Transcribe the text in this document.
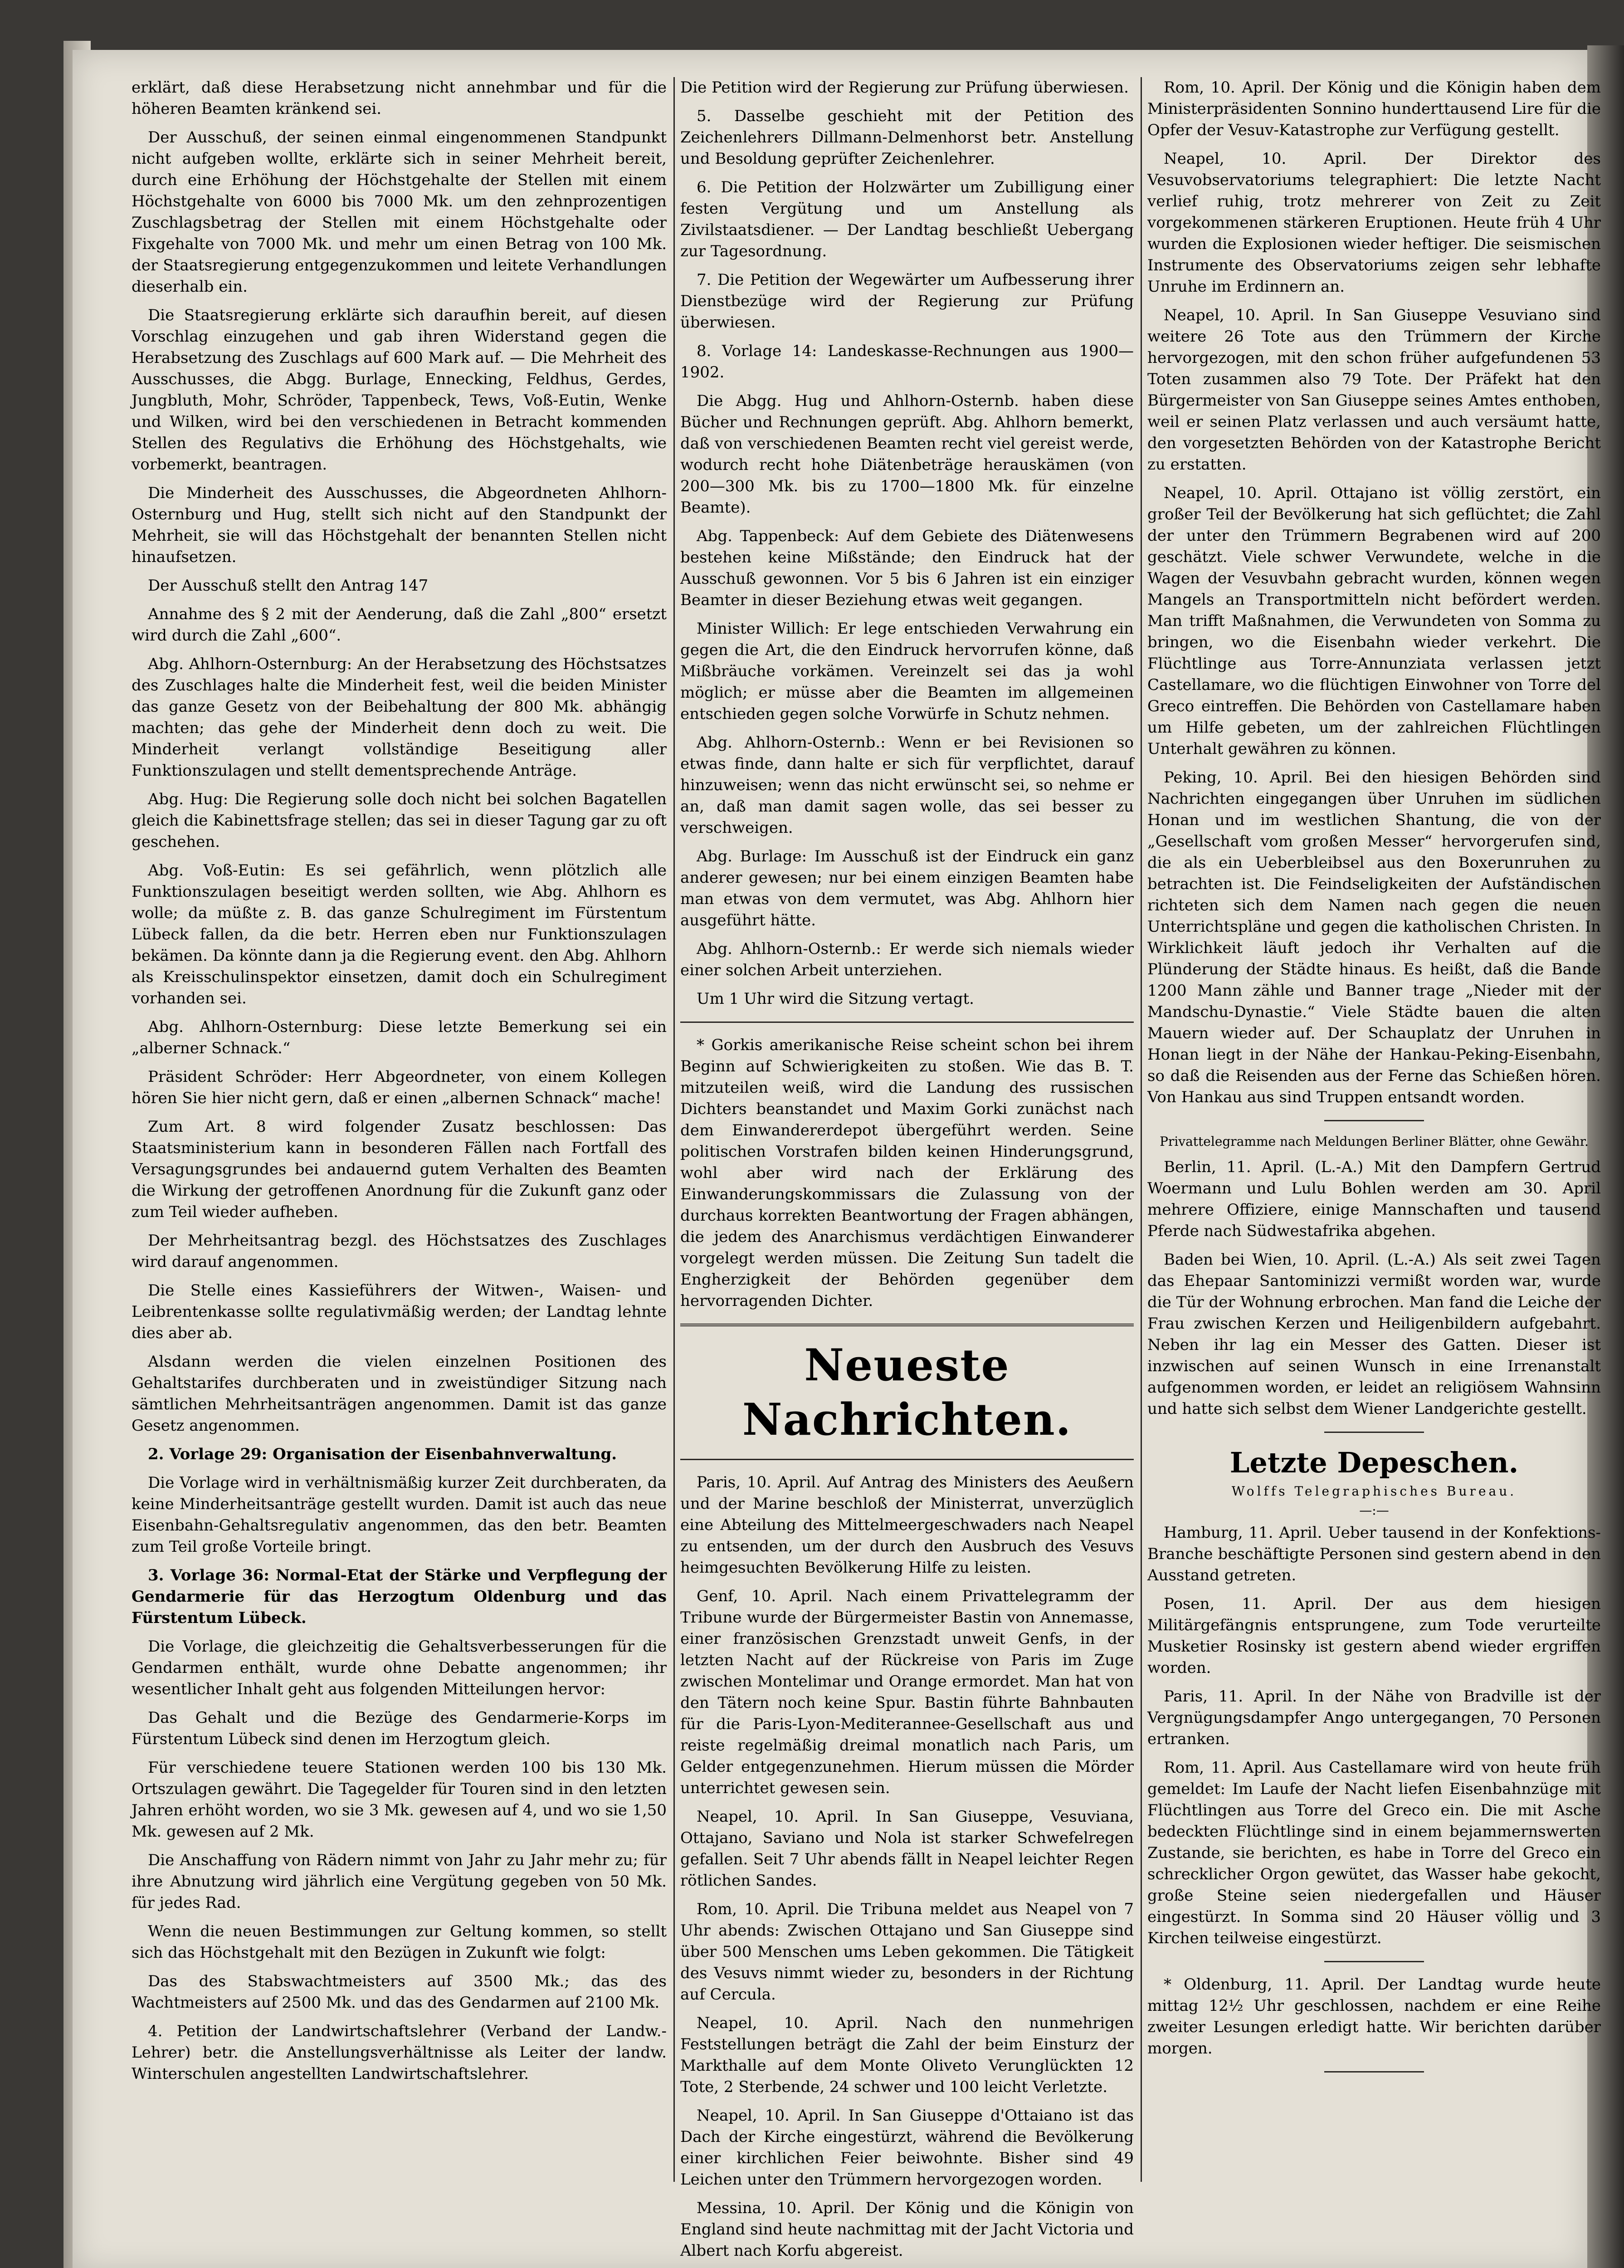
erklärt, daß diese Herabsetzung nicht annehmbar und für die höheren Beamten kränkend sei.

Der Ausschuß, der seinen einmal eingenommenen Standpunkt nicht aufgeben wollte, erklärte sich in seiner Mehrheit bereit, durch eine Erhöhung der Höchstgehalte der Stellen mit einem Höchstgehalte von 6000 bis 7000 Mk. um den zehnprozentigen Zuschlagsbetrag der Stellen mit einem Höchstgehalte oder Fixgehalte von 7000 Mk. und mehr um einen Betrag von 100 Mk. der Staatsregierung entgegenzukommen und leitete Verhandlungen dieserhalb ein.

Die Staatsregierung erklärte sich daraufhin bereit, auf diesen Vorschlag einzugehen und gab ihren Widerstand gegen die Herabsetzung des Zuschlags auf 600 Mark auf. — Die Mehrheit des Ausschusses, die Abgg. Burlage, Ennecking, Feldhus, Gerdes, Jungbluth, Mohr, Schröder, Tappenbeck, Tews, Voß-Eutin, Wenke und Wilken, wird bei den verschiedenen in Betracht kommenden Stellen des Regulativs die Erhöhung des Höchstgehalts, wie vorbemerkt, beantragen.

Die Minderheit des Ausschusses, die Abgeordneten Ahlhorn-Osternburg und Hug, stellt sich nicht auf den Standpunkt der Mehrheit, sie will das Höchstgehalt der benannten Stellen nicht hinaufsetzen.

Der Ausschuß stellt den Antrag 147

Annahme des § 2 mit der Aenderung, daß die Zahl „800“ ersetzt wird durch die Zahl „600“.

Abg. Ahlhorn-Osternburg: An der Herabsetzung des Höchstsatzes des Zuschlages halte die Minderheit fest, weil die beiden Minister das ganze Gesetz von der Beibehaltung der 800 Mk. abhängig machten; das gehe der Minderheit denn doch zu weit. Die Minderheit verlangt vollständige Beseitigung aller Funktionszulagen und stellt dementsprechende Anträge.

Abg. Hug: Die Regierung solle doch nicht bei solchen Bagatellen gleich die Kabinettsfrage stellen; das sei in dieser Tagung gar zu oft geschehen.

Abg. Voß-Eutin: Es sei gefährlich, wenn plötzlich alle Funktionszulagen beseitigt werden sollten, wie Abg. Ahlhorn es wolle; da müßte z. B. das ganze Schulregiment im Fürstentum Lübeck fallen, da die betr. Herren eben nur Funktionszulagen bekämen. Da könnte dann ja die Regierung event. den Abg. Ahlhorn als Kreisschulinspektor einsetzen, damit doch ein Schulregiment vorhanden sei.

Abg. Ahlhorn-Osternburg: Diese letzte Bemerkung sei ein „alberner Schnack.“

Präsident Schröder: Herr Abgeordneter, von einem Kollegen hören Sie hier nicht gern, daß er einen „albernen Schnack“ mache!

Zum Art. 8 wird folgender Zusatz beschlossen: Das Staatsministerium kann in besonderen Fällen nach Fortfall des Versagungsgrundes bei andauernd gutem Verhalten des Beamten die Wirkung der getroffenen Anordnung für die Zukunft ganz oder zum Teil wieder aufheben.

Der Mehrheitsantrag bezgl. des Höchstsatzes des Zuschlages wird darauf angenommen.

Die Stelle eines Kassieführers der Witwen-, Waisen- und Leibrentenkasse sollte regulativmäßig werden; der Landtag lehnte dies aber ab.

Alsdann werden die vielen einzelnen Positionen des Gehaltstarifes durchberaten und in zweistündiger Sitzung nach sämtlichen Mehrheitsanträgen angenommen. Damit ist das ganze Gesetz angenommen.

2. Vorlage 29: Organisation der Eisenbahnverwaltung.

Die Vorlage wird in verhältnismäßig kurzer Zeit durchberaten, da keine Minderheitsanträge gestellt wurden. Damit ist auch das neue Eisenbahn-Gehaltsregulativ angenommen, das den betr. Beamten zum Teil große Vorteile bringt.

3. Vorlage 36: Normal-Etat der Stärke und Verpflegung der Gendarmerie für das Herzogtum Oldenburg und das Fürstentum Lübeck.

Die Vorlage, die gleichzeitig die Gehaltsverbesserungen für die Gendarmen enthält, wurde ohne Debatte angenommen; ihr wesentlicher Inhalt geht aus folgenden Mitteilungen hervor:

Das Gehalt und die Bezüge des Gendarmerie-Korps im Fürstentum Lübeck sind denen im Herzogtum gleich.

Für verschiedene teuere Stationen werden 100 bis 130 Mk. Ortszulagen gewährt. Die Tagegelder für Touren sind in den letzten Jahren erhöht worden, wo sie 3 Mk. gewesen auf 4, und wo sie 1,50 Mk. gewesen auf 2 Mk.

Die Anschaffung von Rädern nimmt von Jahr zu Jahr mehr zu; für ihre Abnutzung wird jährlich eine Vergütung gegeben von 50 Mk. für jedes Rad.

Wenn die neuen Bestimmungen zur Geltung kommen, so stellt sich das Höchstgehalt mit den Bezügen in Zukunft wie folgt:

Das des Stabswachtmeisters auf 3500 Mk.; das des Wachtmeisters auf 2500 Mk. und das des Gendarmen auf 2100 Mk.

4. Petition der Landwirtschaftslehrer (Verband der Landw.-Lehrer) betr. die Anstellungsverhältnisse als Leiter der landw. Winterschulen angestellten Landwirtschaftslehrer.

Die Petition wird der Regierung zur Prüfung überwiesen.

5. Dasselbe geschieht mit der Petition des Zeichenlehrers Dillmann-Delmenhorst betr. Anstellung und Besoldung geprüfter Zeichenlehrer.

6. Die Petition der Holzwärter um Zubilligung einer festen Vergütung und um Anstellung als Zivilstaatsdiener. — Der Landtag beschließt Uebergang zur Tagesordnung.

7. Die Petition der Wegewärter um Aufbesserung ihrer Dienstbezüge wird der Regierung zur Prüfung überwiesen.

8. Vorlage 14: Landeskasse-Rechnungen aus 1900—1902.

Die Abgg. Hug und Ahlhorn-Osternb. haben diese Bücher und Rechnungen geprüft. Abg. Ahlhorn bemerkt, daß von verschiedenen Beamten recht viel gereist werde, wodurch recht hohe Diätenbeträge herauskämen (von 200—300 Mk. bis zu 1700—1800 Mk. für einzelne Beamte).

Abg. Tappenbeck: Auf dem Gebiete des Diätenwesens bestehen keine Mißstände; den Eindruck hat der Ausschuß gewonnen. Vor 5 bis 6 Jahren ist ein einziger Beamter in dieser Beziehung etwas weit gegangen.

Minister Willich: Er lege entschieden Verwahrung ein gegen die Art, die den Eindruck hervorrufen könne, daß Mißbräuche vorkämen. Vereinzelt sei das ja wohl möglich; er müsse aber die Beamten im allgemeinen entschieden gegen solche Vorwürfe in Schutz nehmen.

Abg. Ahlhorn-Osternb.: Wenn er bei Revisionen so etwas finde, dann halte er sich für verpflichtet, darauf hinzuweisen; wenn das nicht erwünscht sei, so nehme er an, daß man damit sagen wolle, das sei besser zu verschweigen.

Abg. Burlage: Im Ausschuß ist der Eindruck ein ganz anderer gewesen; nur bei einem einzigen Beamten habe man etwas von dem vermutet, was Abg. Ahlhorn hier ausgeführt hätte.

Abg. Ahlhorn-Osternb.: Er werde sich niemals wieder einer solchen Arbeit unterziehen.

Um 1 Uhr wird die Sitzung vertagt.

* Gorkis amerikanische Reise scheint schon bei ihrem Beginn auf Schwierigkeiten zu stoßen. Wie das B. T. mitzuteilen weiß, wird die Landung des russischen Dichters beanstandet und Maxim Gorki zunächst nach dem Einwandererdepot übergeführt werden. Seine politischen Vorstrafen bilden keinen Hinderungsgrund, wohl aber wird nach der Erklärung des Einwanderungskommissars die Zulassung von der durchaus korrekten Beantwortung der Fragen abhängen, die jedem des Anarchismus verdächtigen Einwanderer vorgelegt werden müssen. Die Zeitung Sun tadelt die Engherzigkeit der Behörden gegenüber dem hervorragenden Dichter.

Neueste Nachrichten.

Paris, 10. April. Auf Antrag des Ministers des Aeußern und der Marine beschloß der Ministerrat, unverzüglich eine Abteilung des Mittelmeergeschwaders nach Neapel zu entsenden, um der durch den Ausbruch des Vesuvs heimgesuchten Bevölkerung Hilfe zu leisten.

Genf, 10. April. Nach einem Privattelegramm der Tribune wurde der Bürgermeister Bastin von Annemasse, einer französischen Grenzstadt unweit Genfs, in der letzten Nacht auf der Rückreise von Paris im Zuge zwischen Montelimar und Orange ermordet. Man hat von den Tätern noch keine Spur. Bastin führte Bahnbauten für die Paris-Lyon-Mediterannee-Gesellschaft aus und reiste regelmäßig dreimal monatlich nach Paris, um Gelder entgegenzunehmen. Hierum müssen die Mörder unterrichtet gewesen sein.

Neapel, 10. April. In San Giuseppe, Vesuviana, Ottajano, Saviano und Nola ist starker Schwefelregen gefallen. Seit 7 Uhr abends fällt in Neapel leichter Regen rötlichen Sandes.

Rom, 10. April. Die Tribuna meldet aus Neapel von 7 Uhr abends: Zwischen Ottajano und San Giuseppe sind über 500 Menschen ums Leben gekommen. Die Tätigkeit des Vesuvs nimmt wieder zu, besonders in der Richtung auf Cercula.

Neapel, 10. April. Nach den nunmehrigen Feststellungen beträgt die Zahl der beim Einsturz der Markthalle auf dem Monte Oliveto Verunglückten 12 Tote, 2 Sterbende, 24 schwer und 100 leicht Verletzte.

Neapel, 10. April. In San Giuseppe d'Ottaiano ist das Dach der Kirche eingestürzt, während die Bevölkerung einer kirchlichen Feier beiwohnte. Bisher sind 49 Leichen unter den Trümmern hervorgezogen worden.

Messina, 10. April. Der König und die Königin von England sind heute nachmittag mit der Jacht Victoria und Albert nach Korfu abgereist.

Rom, 10. April. Der König und die Königin haben dem Ministerpräsidenten Sonnino hunderttausend Lire für die Opfer der Vesuv-Katastrophe zur Verfügung gestellt.

Neapel, 10. April. Der Direktor des Vesuvobservatoriums telegraphiert: Die letzte Nacht verlief ruhig, trotz mehrerer von Zeit zu Zeit vorgekommenen stärkeren Eruptionen. Heute früh 4 Uhr wurden die Explosionen wieder heftiger. Die seismischen Instrumente des Observatoriums zeigen sehr lebhafte Unruhe im Erdinnern an.

Neapel, 10. April. In San Giuseppe Vesuviano sind weitere 26 Tote aus den Trümmern der Kirche hervorgezogen, mit den schon früher aufgefundenen 53 Toten zusammen also 79 Tote. Der Präfekt hat den Bürgermeister von San Giuseppe seines Amtes enthoben, weil er seinen Platz verlassen und auch versäumt hatte, den vorgesetzten Behörden von der Katastrophe Bericht zu erstatten.

Neapel, 10. April. Ottajano ist völlig zerstört, ein großer Teil der Bevölkerung hat sich geflüchtet; die Zahl der unter den Trümmern Begrabenen wird auf 200 geschätzt. Viele schwer Verwundete, welche in die Wagen der Vesuvbahn gebracht wurden, können wegen Mangels an Transportmitteln nicht befördert werden. Man trifft Maßnahmen, die Verwundeten von Somma zu bringen, wo die Eisenbahn wieder verkehrt. Die Flüchtlinge aus Torre-Annunziata verlassen jetzt Castellamare, wo die flüchtigen Einwohner von Torre del Greco eintreffen. Die Behörden von Castellamare haben um Hilfe gebeten, um der zahlreichen Flüchtlingen Unterhalt gewähren zu können.

Peking, 10. April. Bei den hiesigen Behörden sind Nachrichten eingegangen über Unruhen im südlichen Honan und im westlichen Shantung, die von der „Gesellschaft vom großen Messer“ hervorgerufen sind, die als ein Ueberbleibsel aus den Boxerunruhen zu betrachten ist. Die Feindseligkeiten der Aufständischen richteten sich dem Namen nach gegen die neuen Unterrichtspläne und gegen die katholischen Christen. In Wirklichkeit läuft jedoch ihr Verhalten auf die Plünderung der Städte hinaus. Es heißt, daß die Bande 1200 Mann zähle und Banner trage „Nieder mit der Mandschu-Dynastie.“ Viele Städte bauen die alten Mauern wieder auf. Der Schauplatz der Unruhen in Honan liegt in der Nähe der Hankau-Peking-Eisenbahn, so daß die Reisenden aus der Ferne das Schießen hören. Von Hankau aus sind Truppen entsandt worden.

Privattelegramme nach Meldungen Berliner Blätter, ohne Gewähr.

Berlin, 11. April. (L.-A.) Mit den Dampfern Gertrud Woermann und Lulu Bohlen werden am 30. April mehrere Offiziere, einige Mannschaften und tausend Pferde nach Südwestafrika abgehen.

Baden bei Wien, 10. April. (L.-A.) Als seit zwei Tagen das Ehepaar Santominizzi vermißt worden war, wurde die Tür der Wohnung erbrochen. Man fand die Leiche der Frau zwischen Kerzen und Heiligenbildern aufgebahrt. Neben ihr lag ein Messer des Gatten. Dieser ist inzwischen auf seinen Wunsch in eine Irrenanstalt aufgenommen worden, er leidet an religiösem Wahnsinn und hatte sich selbst dem Wiener Landgerichte gestellt.

Letzte Depeschen.
Wolffs Telegraphisches Bureau.
—:—

Hamburg, 11. April. Ueber tausend in der Konfektions-Branche beschäftigte Personen sind gestern abend in den Ausstand getreten.

Posen, 11. April. Der aus dem hiesigen Militärgefängnis entsprungene, zum Tode verurteilte Musketier Rosinsky ist gestern abend wieder ergriffen worden.

Paris, 11. April. In der Nähe von Bradville ist der Vergnügungsdampfer Ango untergegangen, 70 Personen ertranken.

Rom, 11. April. Aus Castellamare wird von heute früh gemeldet: Im Laufe der Nacht liefen Eisenbahnzüge mit Flüchtlingen aus Torre del Greco ein. Die mit Asche bedeckten Flüchtlinge sind in einem bejammernswerten Zustande, sie berichten, es habe in Torre del Greco ein schrecklicher Orgon gewütet, das Wasser habe gekocht, große Steine seien niedergefallen und Häuser eingestürzt. In Somma sind 20 Häuser völlig und 3 Kirchen teilweise eingestürzt.

* Oldenburg, 11. April. Der Landtag wurde heute mittag 12½ Uhr geschlossen, nachdem er eine Reihe zweiter Lesungen erledigt hatte. Wir berichten darüber morgen.
